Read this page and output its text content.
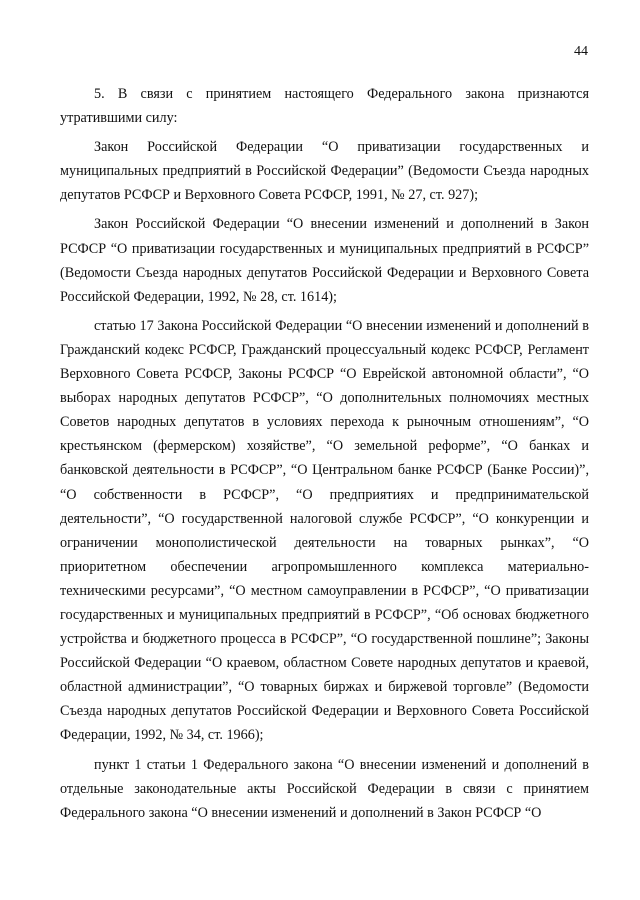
44

5. В связи с принятием настоящего Федерального закона признаются утратившими силу:

Закон Российской Федерации “О приватизации государственных и муниципальных предприятий в Российской Федерации” (Ведомости Съезда народных депутатов РСФСР и Верховного Совета РСФСР, 1991, № 27, ст. 927);

Закон Российской Федерации “О внесении изменений и дополнений в Закон РСФСР “О приватизации государственных и муниципальных предприятий в РСФСР” (Ведомости Съезда народных депутатов Российской Федерации и Верховного Совета Российской Федерации, 1992, № 28, ст. 1614);

статью 17 Закона Российской Федерации “О внесении изменений и дополнений в Гражданский кодекс РСФСР, Гражданский процессуальный кодекс РСФСР, Регламент Верховного Совета РСФСР, Законы РСФСР “О Еврейской автономной области”, “О выборах народных депутатов РСФСР”, “О дополнительных полномочиях местных Советов народных депутатов в условиях перехода к рыночным отношениям”, “О крестьянском (фермерском) хозяйстве”, “О земельной реформе”, “О банках и банковской деятельности в РСФСР”, “О Центральном банке РСФСР (Банке России)”, “О собственности в РСФСР”, “О предприятиях и предпринимательской деятельности”, “О государственной налоговой службе РСФСР”, “О конкуренции и ограничении монополистической деятельности на товарных рынках”, “О приоритетном обеспечении агропромышленного комплекса материально-техническими ресурсами”, “О местном самоуправлении в РСФСР”, “О приватизации государственных и муниципальных предприятий в РСФСР”, “Об основах бюджетного устройства и бюджетного процесса в РСФСР”, “О государственной пошлине”; Законы Российской Федерации “О краевом, областном Совете народных депутатов и краевой, областной администрации”, “О товарных биржах и биржевой торговле” (Ведомости Съезда народных депутатов Российской Федерации и Верховного Совета Российской Федерации, 1992, № 34, ст. 1966);

пункт 1 статьи 1 Федерального закона “О внесении изменений и дополнений в отдельные законодательные акты Российской Федерации в связи с принятием Федерального закона “О внесении изменений и дополнений в Закон РСФСР “О
